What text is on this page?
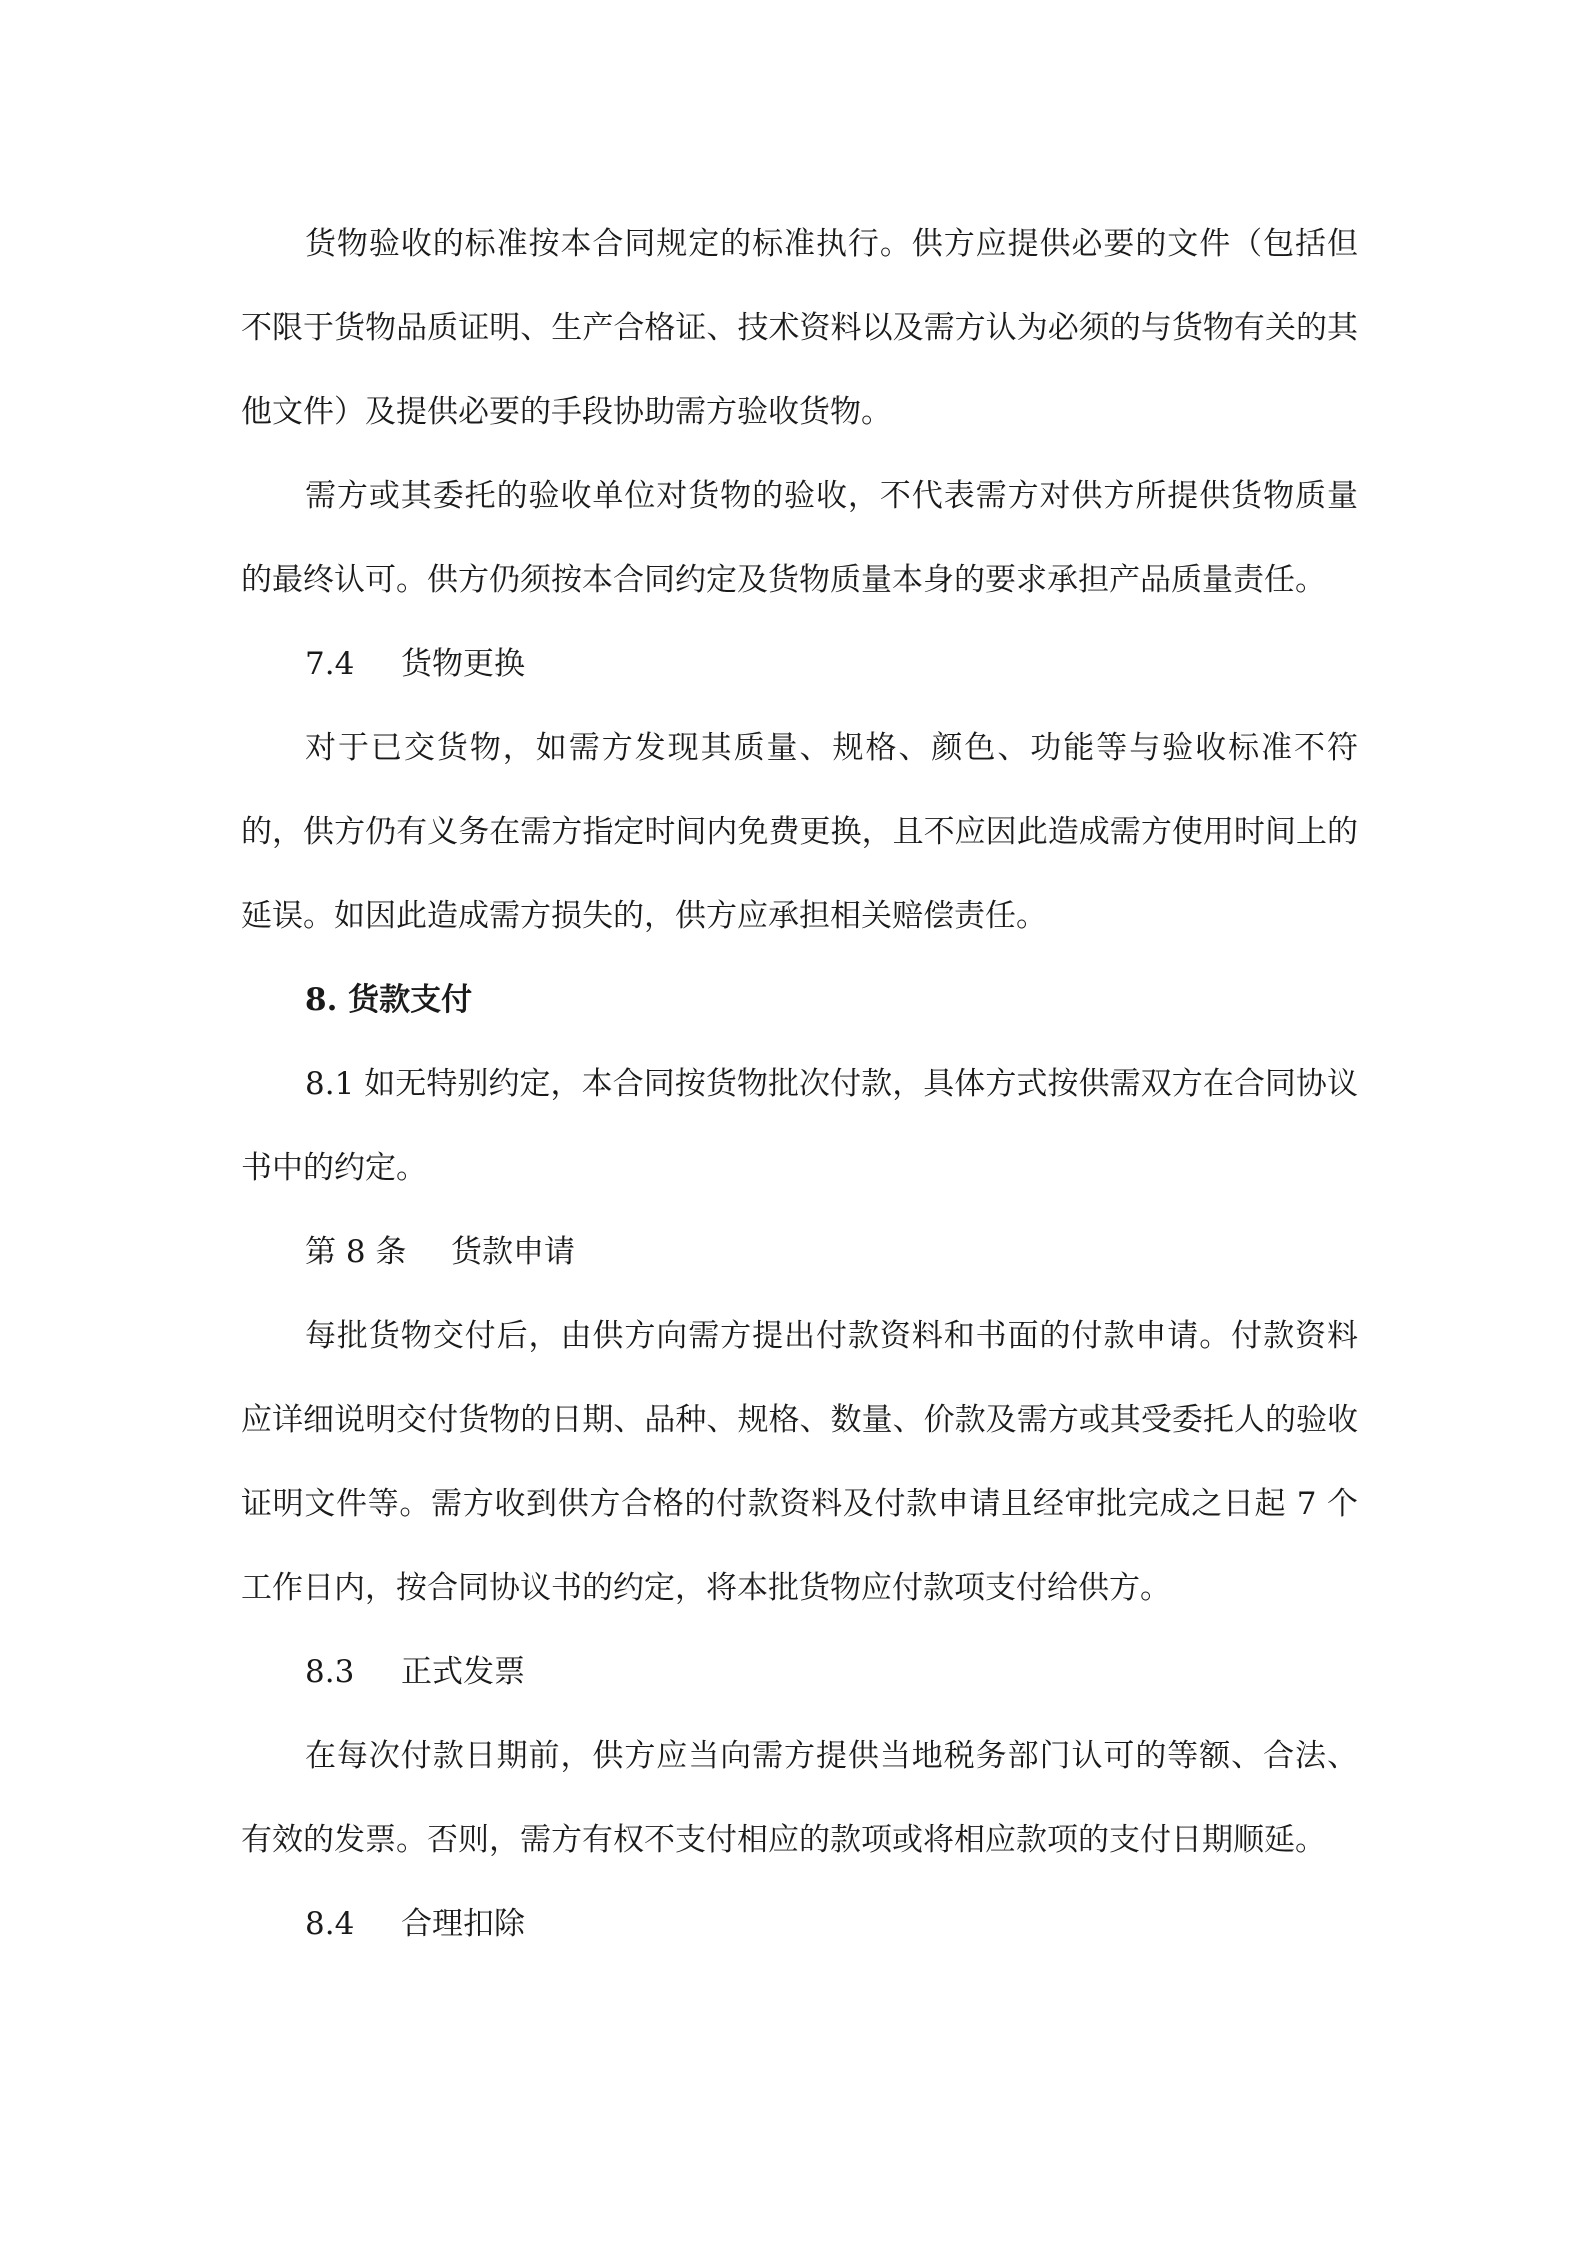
货物验收的标准按本合同规定的标准执行。供方应提供必要的文件（包括但不限于货物品质证明、生产合格证、技术资料以及需方认为必须的与货物有关的其他文件）及提供必要的手段协助需方验收货物。

需方或其委托的验收单位对货物的验收，不代表需方对供方所提供货物质量的最终认可。供方仍须按本合同约定及货物质量本身的要求承担产品质量责任。

7.4 货物更换

对于已交货物，如需方发现其质量、规格、颜色、功能等与验收标准不符的，供方仍有义务在需方指定时间内免费更换，且不应因此造成需方使用时间上的延误。如因此造成需方损失的，供方应承担相关赔偿责任。

8. 货款支付

8.1 如无特别约定，本合同按货物批次付款，具体方式按供需双方在合同协议书中的约定。

第 8 条 货款申请

每批货物交付后，由供方向需方提出付款资料和书面的付款申请。付款资料应详细说明交付货物的日期、品种、规格、数量、价款及需方或其受委托人的验收证明文件等。需方收到供方合格的付款资料及付款申请且经审批完成之日起 7 个工作日内，按合同协议书的约定，将本批货物应付款项支付给供方。

8.3 正式发票

在每次付款日期前，供方应当向需方提供当地税务部门认可的等额、合法、有效的发票。否则，需方有权不支付相应的款项或将相应款项的支付日期顺延。

8.4 合理扣除
